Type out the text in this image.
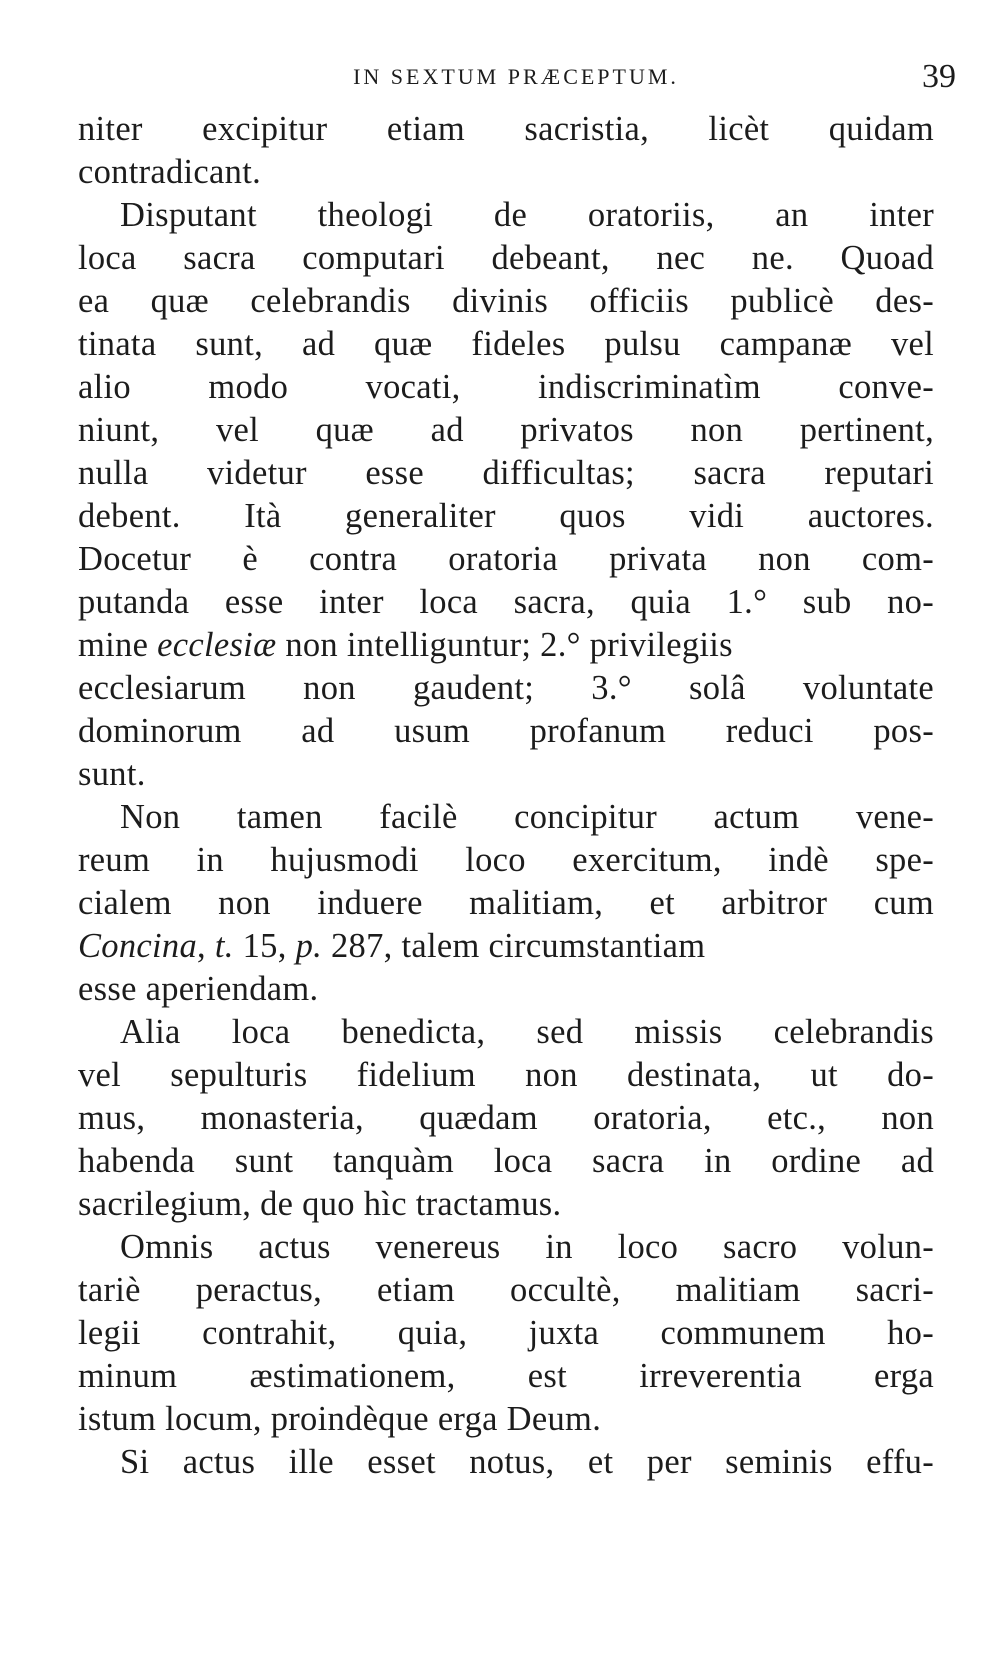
IN SEXTUM PRÆCEPTUM.	39
niter excipitur etiam sacristia, licèt quidam
contradicant.
Disputant theologi de oratoriis, an inter
loca sacra computari debeant, nec ne. Quoad
ea quæ celebrandis divinis officiis publicè des-
tinata sunt, ad quæ fideles pulsu campanæ vel
alio modo vocati, indiscriminatìm conve-
niunt, vel quæ ad privatos non pertinent,
nulla videtur esse difficultas; sacra reputari
debent. Ità generaliter quos vidi auctores.
Docetur è contra oratoria privata non com-
putanda esse inter loca sacra, quia 1.° sub no-
mine ecclesiæ non intelliguntur; 2.° privilegiis
ecclesiarum non gaudent; 3.° solâ voluntate
dominorum ad usum profanum reduci pos-
sunt.
Non tamen facilè concipitur actum vene-
reum in hujusmodi loco exercitum, indè spe-
cialem non induere malitiam, et arbitror cum
Concina, t. 15, p. 287, talem circumstantiam
esse aperiendam.
Alia loca benedicta, sed missis celebrandis
vel sepulturis fidelium non destinata, ut do-
mus, monasteria, quædam oratoria, etc., non
habenda sunt tanquàm loca sacra in ordine ad
sacrilegium, de quo hìc tractamus.
Omnis actus venereus in loco sacro volun-
tariè peractus, etiam occultè, malitiam sacri-
legii contrahit, quia, juxta communem ho-
minum æstimationem, est irreverentia erga
istum locum, proindèque erga Deum.
Si actus ille esset notus, et per seminis effu-
